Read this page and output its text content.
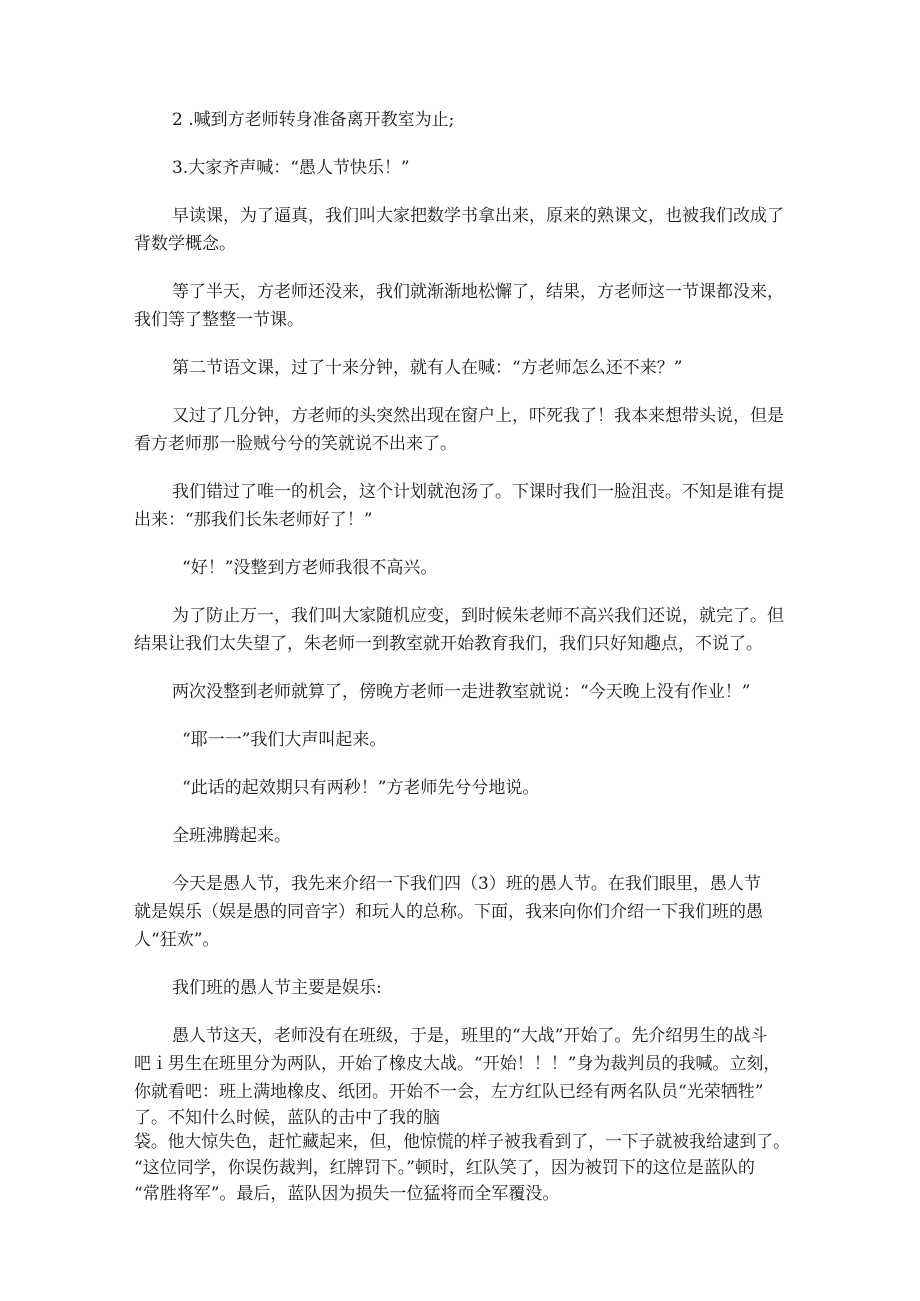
2 .喊到方老师转身准备离开教室为止;

3.大家齐声喊：“愚人节快乐！”

早读课，为了逼真，我们叫大家把数学书拿出来，原来的熟课文，也被我们改成了

背数学概念。

等了半天，方老师还没来，我们就渐渐地松懈了，结果，方老师这一节课都没来，

我们等了整整一节课。

第二节语文课，过了十来分钟，就有人在喊：“方老师怎么还不来？”

又过了几分钟，方老师的头突然出现在窗户上，吓死我了！我本来想带头说，但是

看方老师那一脸贼兮兮的笑就说不出来了。

我们错过了唯一的机会，这个计划就泡汤了。下课时我们一脸沮丧。不知是谁有提

出来：“那我们长朱老师好了！”

“好！”没整到方老师我很不高兴。

为了防止万一，我们叫大家随机应变，到时候朱老师不高兴我们还说，就完了。但

结果让我们太失望了，朱老师一到教室就开始教育我们，我们只好知趣点，不说了。

两次没整到老师就算了，傍晚方老师一走进教室就说：“今天晚上没有作业！”

“耶一一”我们大声叫起来。

“此话的起效期只有两秒！”方老师先兮兮地说。

全班沸腾起来。

今天是愚人节，我先来介绍一下我们四（3）班的愚人节。在我们眼里，愚人节

就是娱乐（娱是愚的同音字）和玩人的总称。下面，我来向你们介绍一下我们班的愚

人“狂欢”。

我们班的愚人节主要是娱乐:

愚人节这天，老师没有在班级，于是，班里的“大战”开始了。先介绍男生的战斗

吧ｉ男生在班里分为两队，开始了橡皮大战。“开始！！！”身为裁判员的我喊。立刻，

你就看吧：班上满地橡皮、纸团。开始不一会，左方红队已经有两名队员“光荣牺牲”

了。不知什么时候，蓝队的击中了我的脑

袋。他大惊失色，赶忙藏起来，但，他惊慌的样子被我看到了，一下子就被我给逮到了。

“这位同学，你误伤裁判，红牌罚下。”顿时，红队笑了，因为被罚下的这位是蓝队的

“常胜将军”。最后，蓝队因为损失一位猛将而全军覆没。
